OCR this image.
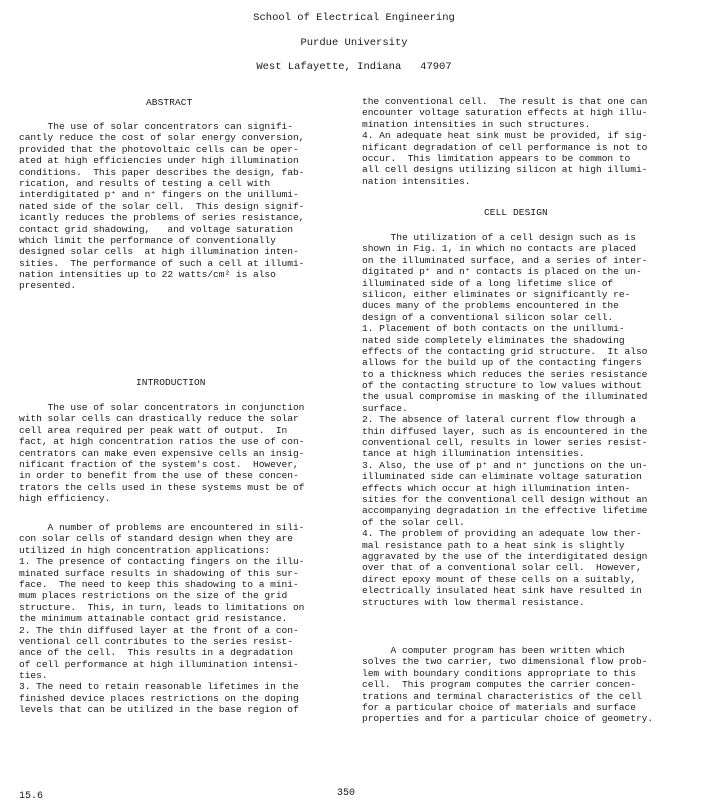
School of Electrical Engineering
Purdue University
West Lafayette, Indiana   47907
ABSTRACT
The use of solar concentrators can signifi-
cantly reduce the cost of solar energy conversion,
provided that the photovoltaic cells can be oper-
ated at high efficiencies under high illumination
conditions.  This paper describes the design, fab-
rication, and results of testing a cell with
interdigitated p⁺ and n⁺ fingers on the unillumi-
nated side of the solar cell.  This design signif-
icantly reduces the problems of series resistance,
contact grid shadowing,   and voltage saturation
which limit the performance of conventionally
designed solar cells  at high illumination inten-
sities.  The performance of such a cell at illumi-
nation intensities up to 22 watts/cm² is also
presented.
INTRODUCTION
The use of solar concentrators in conjunction
with solar cells can drastically reduce the solar
cell area required per peak watt of output.  In
fact, at high concentration ratios the use of con-
centrators can make even expensive cells an insig-
nificant fraction of the system's cost.  However,
in order to benefit from the use of these concen-
trators the cells used in these systems must be of
high efficiency.
A number of problems are encountered in sili-
con solar cells of standard design when they are
utilized in high concentration applications:
1. The presence of contacting fingers on the illu-
minated surface results in shadowing of this sur-
face.  The need to keep this shadowing to a mini-
mum places restrictions on the size of the grid
structure.  This, in turn, leads to limitations on
the minimum attainable contact grid resistance.
2. The thin diffused layer at the front of a con-
ventional cell contributes to the series resist-
ance of the cell.  This results in a degradation
of cell performance at high illumination intensi-
ties.
3. The need to retain reasonable lifetimes in the
finished device places restrictions on the doping
levels that can be utilized in the base region of
the conventional cell.  The result is that one can
encounter voltage saturation effects at high illu-
mination intensities in such structures.
4. An adequate heat sink must be provided, if sig-
nificant degradation of cell performance is not to
occur.  This limitation appears to be common to
all cell designs utilizing silicon at high illumi-
nation intensities.
CELL DESIGN
The utilization of a cell design such as is
shown in Fig. 1, in which no contacts are placed
on the illuminated surface, and a series of inter-
digitated p⁺ and n⁺ contacts is placed on the un-
illuminated side of a long lifetime slice of
silicon, either eliminates or significantly re-
duces many of the problems encountered in the
design of a conventional silicon solar cell.
1. Placement of both contacts on the unillumi-
nated side completely eliminates the shadowing
effects of the contacting grid structure.  It also
allows for the build up of the contacting fingers
to a thickness which reduces the series resistance
of the contacting structure to low values without
the usual compromise in masking of the illuminated
surface.
2. The absence of lateral current flow through a
thin diffused layer, such as is encountered in the
conventional cell, results in lower series resist-
tance at high illumination intensities.
3. Also, the use of p⁺ and n⁺ junctions on the un-
illuminated side can eliminate voltage saturation
effects which occur at high illumination inten-
sities for the conventional cell design without an
accompanying degradation in the effective lifetime
of the solar cell.
4. The problem of providing an adequate low ther-
mal resistance path to a heat sink is slightly
aggravated by the use of the interdigitated design
over that of a conventional solar cell.  However,
direct epoxy mount of these cells on a suitably,
electrically insulated heat sink have resulted in
structures with low thermal resistance.
A computer program has been written which
solves the two carrier, two dimensional flow prob-
lem with boundary conditions appropriate to this
cell.  This program computes the carrier concen-
trations and terminal characteristics of the cell
for a particular choice of materials and surface
properties and for a particular choice of geometry.
15.6	350
